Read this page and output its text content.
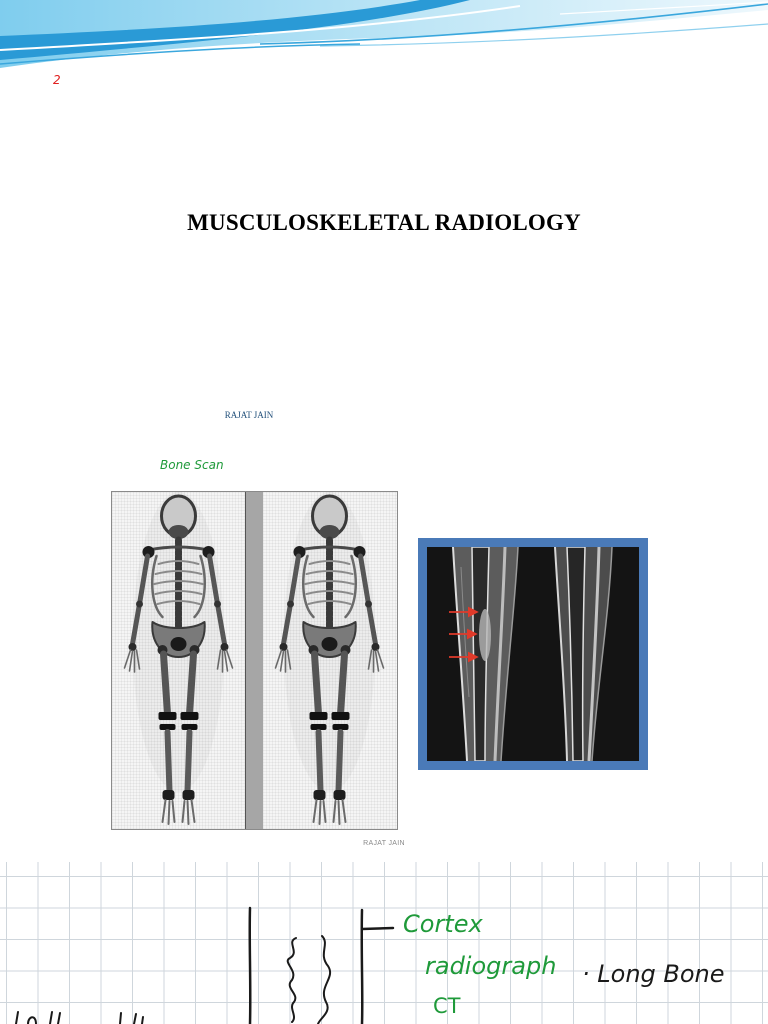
2
MUSCULOSKELETAL RADIOLOGY
RAJAT JAIN
Bone Scan
RAJAT JAIN
Cortex
radiograph · Long Bone
CT
